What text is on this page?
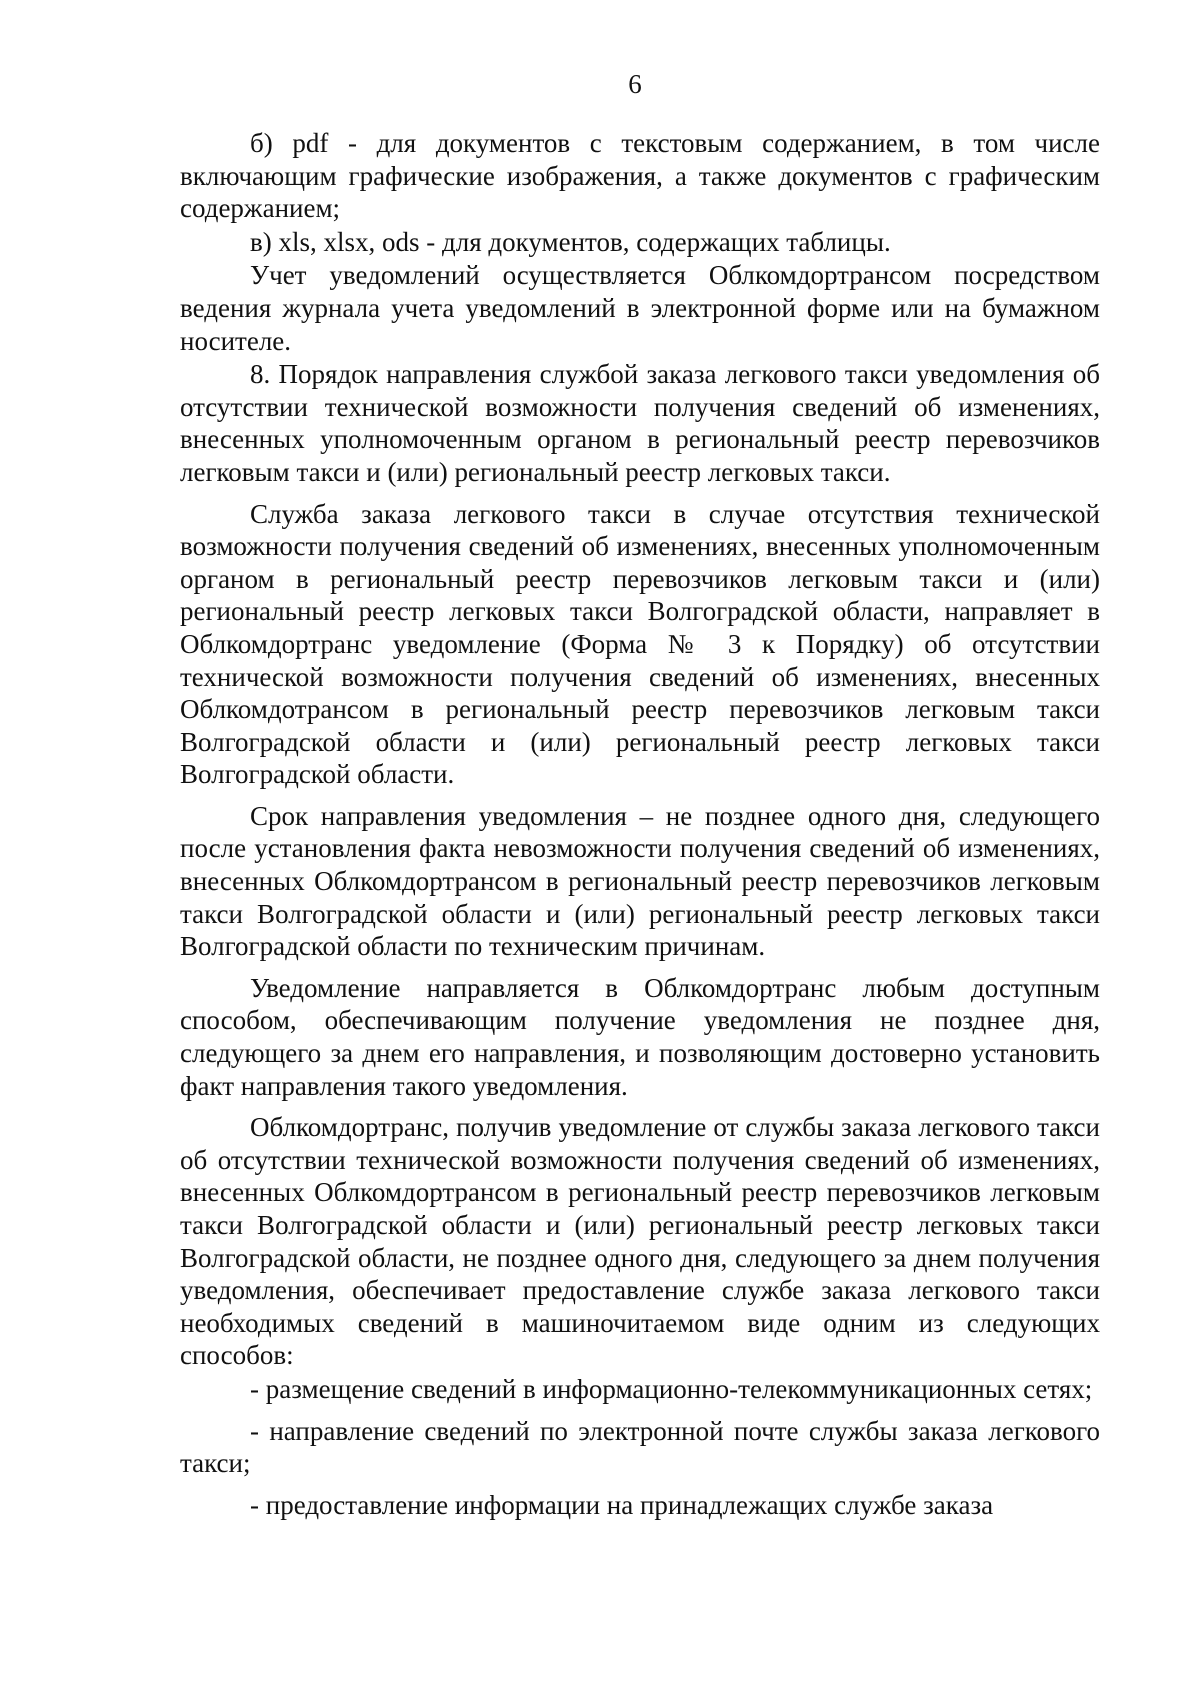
6

б) pdf - для документов с текстовым содержанием, в том числе включающим графические изображения, а также документов с графическим содержанием;

в) xls, xlsx, ods - для документов, содержащих таблицы.

Учет уведомлений осуществляется Облкомдортрансом посредством ведения журнала учета уведомлений в электронной форме или на бумажном носителе.

8. Порядок направления службой заказа легкового такси уведомления об отсутствии технической возможности получения сведений об изменениях, внесенных уполномоченным органом в региональный реестр перевозчиков легковым такси и (или) региональный реестр легковых такси.

Служба заказа легкового такси в случае отсутствия технической возможности получения сведений об изменениях, внесенных уполномоченным органом в региональный реестр перевозчиков легковым такси и (или) региональный реестр легковых такси Волгоградской области, направляет в Облкомдортранс уведомление (Форма № 3 к Порядку) об отсутствии технической возможности получения сведений об изменениях, внесенных Облкомдотрансом в региональный реестр перевозчиков легковым такси Волгоградской области и (или) региональный реестр легковых такси Волгоградской области.

Срок направления уведомления – не позднее одного дня, следующего после установления факта невозможности получения сведений об изменениях, внесенных Облкомдортрансом в региональный реестр перевозчиков легковым такси Волгоградской области и (или) региональный реестр легковых такси Волгоградской области по техническим причинам.

Уведомление направляется в Облкомдортранс любым доступным способом, обеспечивающим получение уведомления не позднее дня, следующего за днем его направления, и позволяющим достоверно установить факт направления такого уведомления.

Облкомдортранс, получив уведомление от службы заказа легкового такси об отсутствии технической возможности получения сведений об изменениях, внесенных Облкомдортрансом в региональный реестр перевозчиков легковым такси Волгоградской области и (или) региональный реестр легковых такси Волгоградской области, не позднее одного дня, следующего за днем получения уведомления, обеспечивает предоставление службе заказа легкового такси необходимых сведений в машиночитаемом виде одним из следующих способов:

- размещение сведений в информационно-телекоммуникационных сетях;

- направление сведений по электронной почте службы заказа легкового такси;

- предоставление информации на принадлежащих службе заказа
